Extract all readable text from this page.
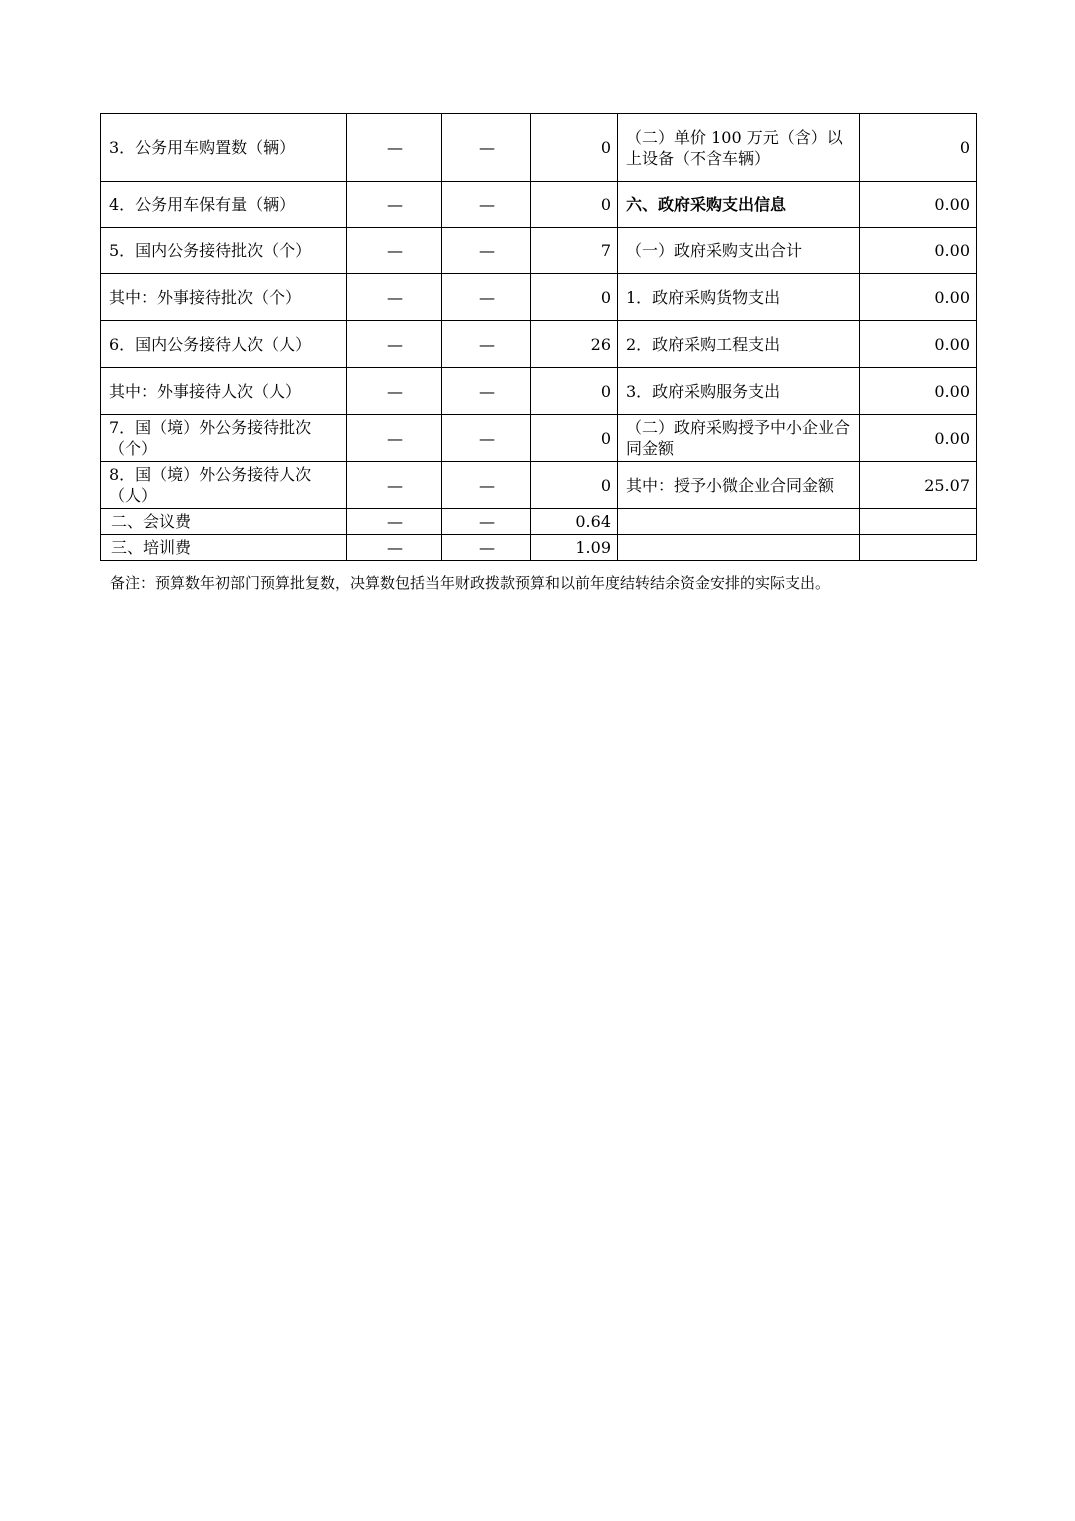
3．公务用车购置数（辆）	—	—	0	（二）单价 100 万元（含）以上设备（不含车辆）	0
4．公务用车保有量（辆）	—	—	0	六、政府采购支出信息	0.00
5．国内公务接待批次（个）	—	—	7	（一）政府采购支出合计	0.00
其中：外事接待批次（个）	—	—	0	1．政府采购货物支出	0.00
6．国内公务接待人次（人）	—	—	26	2．政府采购工程支出	0.00
其中：外事接待人次（人）	—	—	0	3．政府采购服务支出	0.00
7．国（境）外公务接待批次（个）	—	—	0	（二）政府采购授予中小企业合同金额	0.00
8．国（境）外公务接待人次（人）	—	—	0	其中：授予小微企业合同金额	25.07
二、会议费	—	—	0.64		
三、培训费	—	—	1.09		
备注：预算数年初部门预算批复数，决算数包括当年财政拨款预算和以前年度结转结余资金安排的实际支出。
